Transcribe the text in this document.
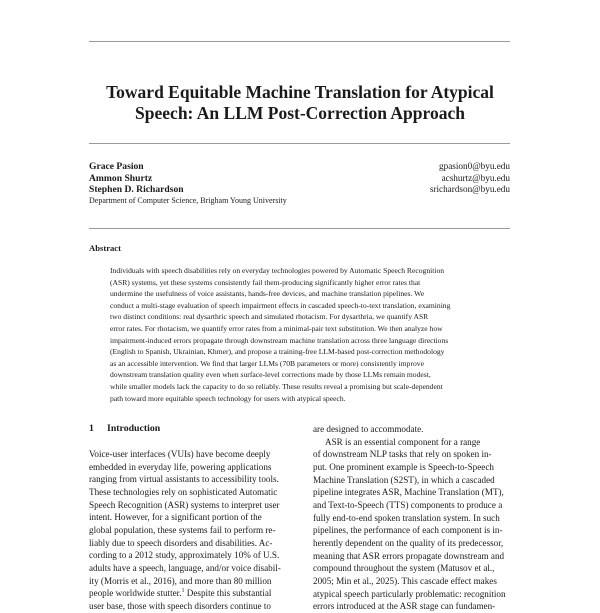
Toward Equitable Machine Translation for Atypical
Speech: An LLM Post-Correction Approach
Grace Pasion	gpasion0@byu.edu
Ammon Shurtz	acshurtz@byu.edu
Stephen D. Richardson	srichardson@byu.edu
Department of Computer Science, Brigham Young University
Abstract
Individuals with speech disabilities rely on everyday technologies powered by Automatic Speech Recognition
(ASR) systems, yet these systems consistently fail them-producing significantly higher error rates that
undermine the usefulness of voice assistants, hands-free devices, and machine translation pipelines. We
conduct a multi-stage evaluation of speech impairment effects in cascaded speech-to-text translation, examining
two distinct conditions: real dysarthric speech and simulated rhotacism. For dysarthria, we quantify ASR
error rates. For rhotacism, we quantify error rates from a minimal-pair text substitution. We then analyze how
impairment-induced errors propagate through downstream machine translation across three language directions
(English to Spanish, Ukrainian, Khmer), and propose a training-free LLM-based post-correction methodology
as an accessible intervention. We find that larger LLMs (70B parameters or more) consistently improve
downstream translation quality even when surface-level corrections made by those LLMs remain modest,
while smaller models lack the capacity to do so reliably. These results reveal a promising but scale-dependent
path toward more equitable speech technology for users with atypical speech.
1 Introduction
Voice-user interfaces (VUIs) have become deeply
embedded in everyday life, powering applications
ranging from virtual assistants to accessibility tools.
These technologies rely on sophisticated Automatic
Speech Recognition (ASR) systems to interpret user
intent. However, for a significant portion of the
global population, these systems fail to perform re-
liably due to speech disorders and disabilities. Ac-
cording to a 2012 study, approximately 10% of U.S.
adults have a speech, language, and/or voice disabil-
ity (Morris et al., 2016), and more than 80 million
people worldwide stutter.$^1$ Despite this substantial
user base, those with speech disorders continue to
are designed to accommodate.
ASR is an essential component for a range
of downstream NLP tasks that rely on spoken in-
put. One prominent example is Speech-to-Speech
Machine Translation (S2ST), in which a cascaded
pipeline integrates ASR, Machine Translation (MT),
and Text-to-Speech (TTS) components to produce a
fully end-to-end spoken translation system. In such
pipelines, the performance of each component is in-
herently dependent on the quality of its predecessor,
meaning that ASR errors propagate downstream and
compound throughout the system (Matusov et al.,
2005; Min et al., 2025). This cascade effect makes
atypical speech particularly problematic: recognition
errors introduced at the ASR stage can fundamen-
